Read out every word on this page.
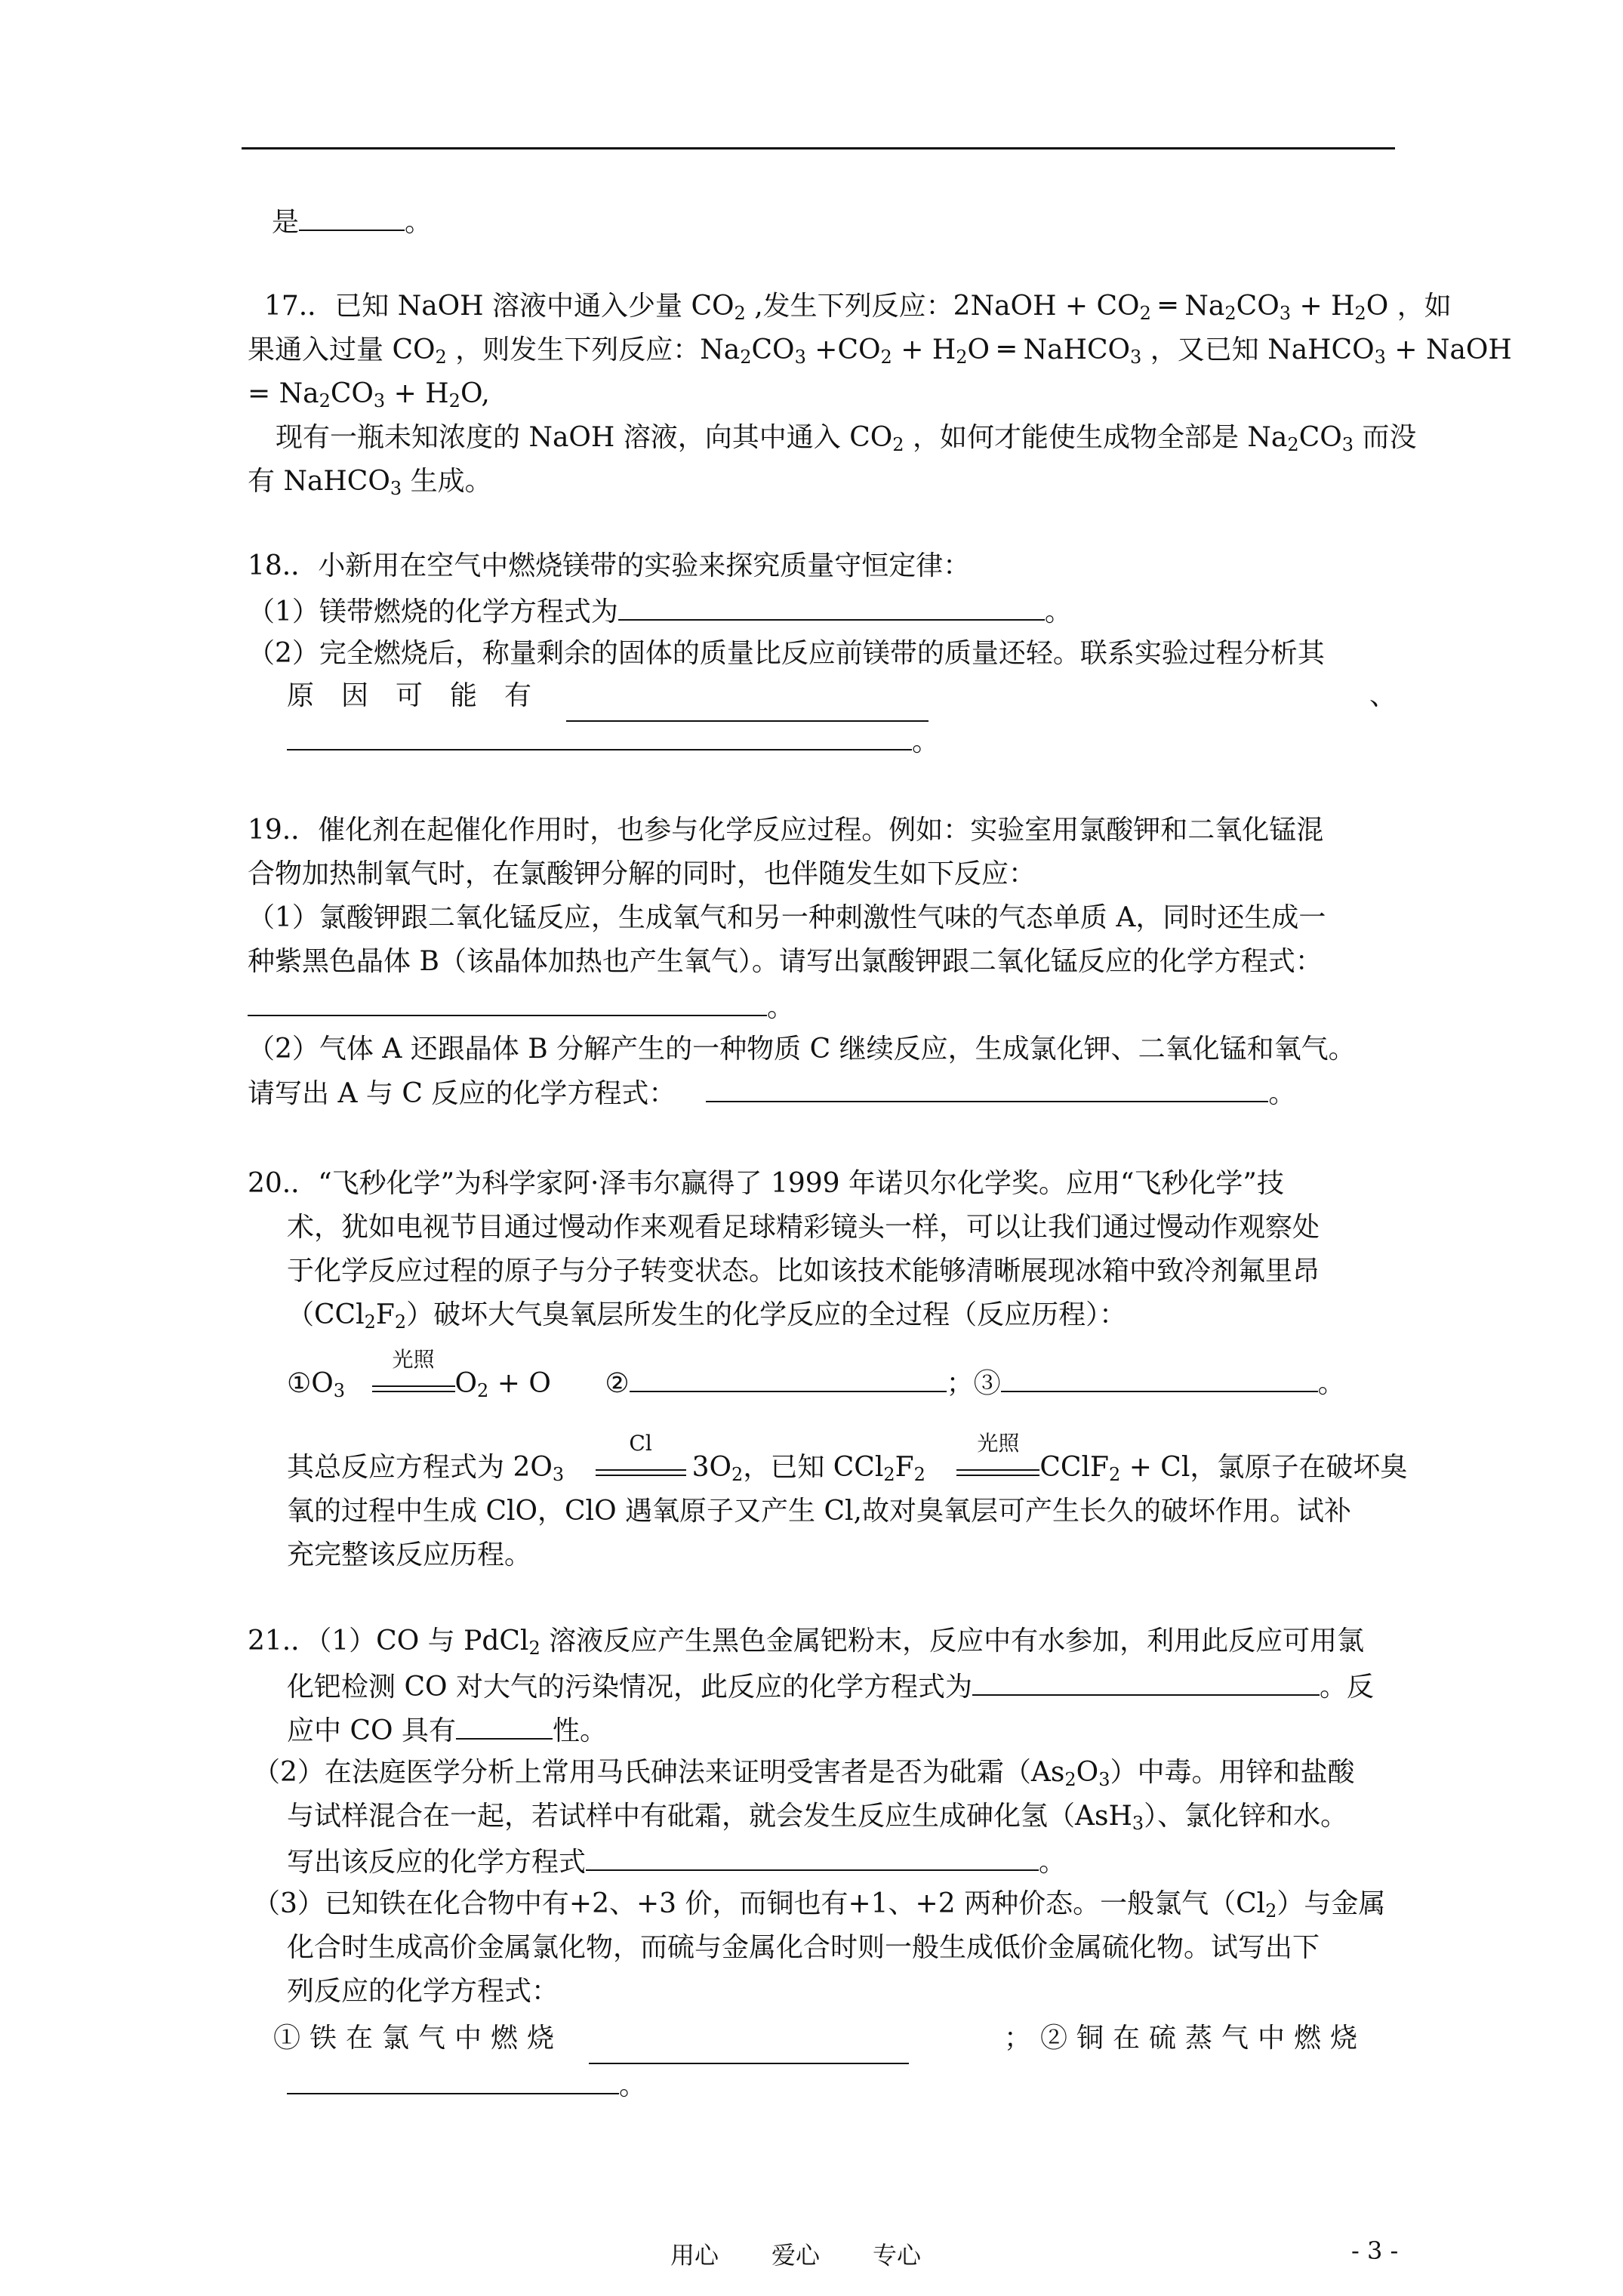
是	。
17.．已知 NaOH 溶液中通入少量 $CO_2$ ,发生下列反应：2NaOH + $CO_2$ ═ $Na_2CO_3 + H_2O$ ，如
果通入过量 $CO_2$ ，则发生下列反应：$Na_2CO_3 +CO_2 + H_2O$ ═ NaHCO$_3$ ，又已知 NaHCO$_3$ + NaOH
= $Na_2CO_3 + H_2O$,
现有一瓶未知浓度的 NaOH 溶液，向其中通入 $CO_2$ ，如何才能使生成物全部是 $Na_2CO_3$ 而没
有 NaHCO$_3$ 生成。
18.．小新用在空气中燃烧镁带的实验来探究质量守恒定律：
（1）镁带燃烧的化学方程式为	。
（2）完全燃烧后，称量剩余的固体的质量比反应前镁带的质量还轻。联系实验过程分析其
原　因　可　能　有	、
。
19.．催化剂在起催化作用时，也参与化学反应过程。例如：实验室用氯酸钾和二氧化锰混
合物加热制氧气时，在氯酸钾分解的同时，也伴随发生如下反应：
（1）氯酸钾跟二氧化锰反应，生成氧气和另一种刺激性气味的气态单质 A，同时还生成一
种紫黑色晶体 B（该晶体加热也产生氧气）。请写出氯酸钾跟二氧化锰反应的化学方程式：
。
（2）气体 A 还跟晶体 B 分解产生的一种物质 C 继续反应，生成氯化钾、二氧化锰和氧气。
请写出 A 与 C 反应的化学方程式：	。
20.．“飞秒化学”为科学家阿·泽韦尔赢得了 1999 年诺贝尔化学奖。应用“飞秒化学”技
术，犹如电视节目通过慢动作来观看足球精彩镜头一样，可以让我们通过慢动作观察处
于化学反应过程的原子与分子转变状态。比如该技术能够清晰展现冰箱中致冷剂氟里昂
$(CCl_2F_2)$破坏大气臭氧层所发生的化学反应的全过程（反应历程）：
$①O_3$
光照
$O_2 + O$ ②	；③	。
其总反应方程式为 $2O_3$
Cl
$3O_2$，已知 $CCl_2F_2$
光照
CClF$_2$ + Cl，氯原子在破坏臭
氧的过程中生成 ClO，ClO 遇氧原子又产生 Cl,故对臭氧层可产生长久的破坏作用。试补
充完整该反应历程。
21.．（1）CO 与 PdCl$_2$ 溶液反应产生黑色金属钯粉末，反应中有水参加，利用此反应可用氯
化钯检测 CO 对大气的污染情况，此反应的化学方程式为	。反
应中 CO 具有	性。
（2）在法庭医学分析上常用马氏砷法来证明受害者是否为砒霜$(As_2O_3)$中毒。用锌和盐酸
与试样混合在一起，若试样中有砒霜，就会发生反应生成砷化氢（AsH$_3$）、氯化锌和水。
写出该反应的化学方程式	。
（3）已知铁在化合物中有+2、+3 价，而铜也有+1、+2 两种价态。一般氯气$(Cl_2)$与金属
化合时生成高价金属氯化物，而硫与金属化合时则一般生成低价金属硫化物。试写出下
列反应的化学方程式：
①铁在氯气中燃烧	；②铜在硫蒸气中燃烧
。
用心 爱心 专心	- 3 -
